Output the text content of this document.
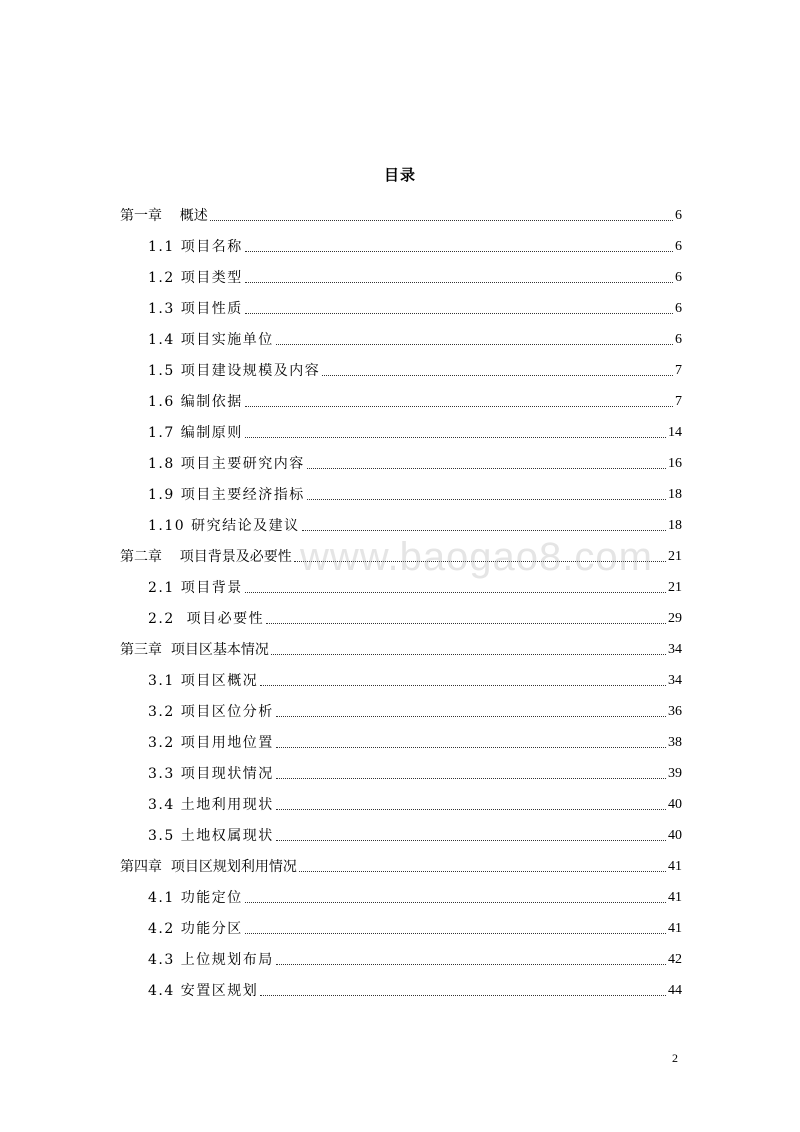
目录
第一章    概述	6
1.1 项目名称	6
1.2 项目类型	6
1.3 项目性质	6
1.4 项目实施单位	6
1.5 项目建设规模及内容	7
1.6 编制依据	7
1.7 编制原则	14
1.8 项目主要研究内容	16
1.9 项目主要经济指标	18
1.10 研究结论及建议	18
第二章    项目背景及必要性	21
2.1 项目背景	21
2.2  项目必要性	29
第三章  项目区基本情况	34
3.1 项目区概况	34
3.2 项目区位分析	36
3.2 项目用地位置	38
3.3 项目现状情况	39
3.4 土地利用现状	40
3.5 土地权属现状	40
第四章  项目区规划利用情况	41
4.1 功能定位	41
4.2 功能分区	41
4.3 上位规划布局	42
4.4 安置区规划	44
www.baogao8.com
2
